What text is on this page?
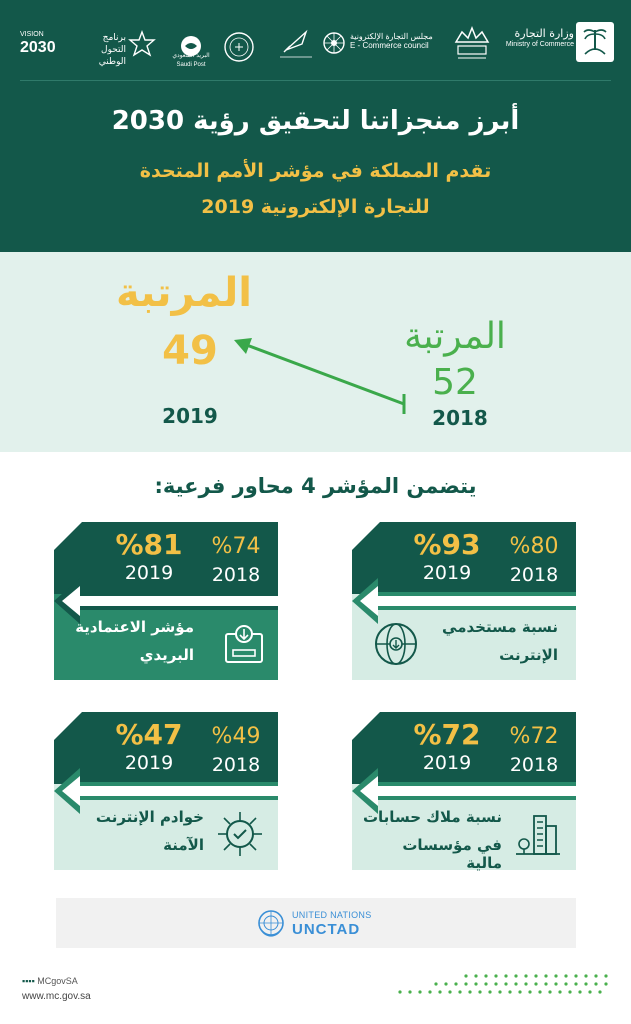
وزارة التجارة
Ministry of Commerce
مجلس التجارة الإلكترونية
E - Commerce council
البريد السعودي
Saudi Post
برنامج التحول
الوطني
VISION
2030
أبرز منجزاتنا لتحقيق رؤية 2030
تقدم المملكة في مؤشر الأمم المتحدة
للتجارة الإلكترونية 2019
المرتبة
49	المرتبة
52
2019	2018
يتضمن المؤشر 4 محاور فرعية:
%93	%80
2019	2018
نسبة مستخدمي
الإنترنت
%81	%74
2019	2018
مؤشر الاعتمادية
البريدي
%72	%72
2019	2018
نسبة ملاك حسابات
في مؤسسات مالية
%47	%49
2019	2018
خوادم الإنترنت
الآمنة
UNITED NATIONS
UNCTAD
▪▪▪▪ MCgovSA
www.mc.gov.sa
